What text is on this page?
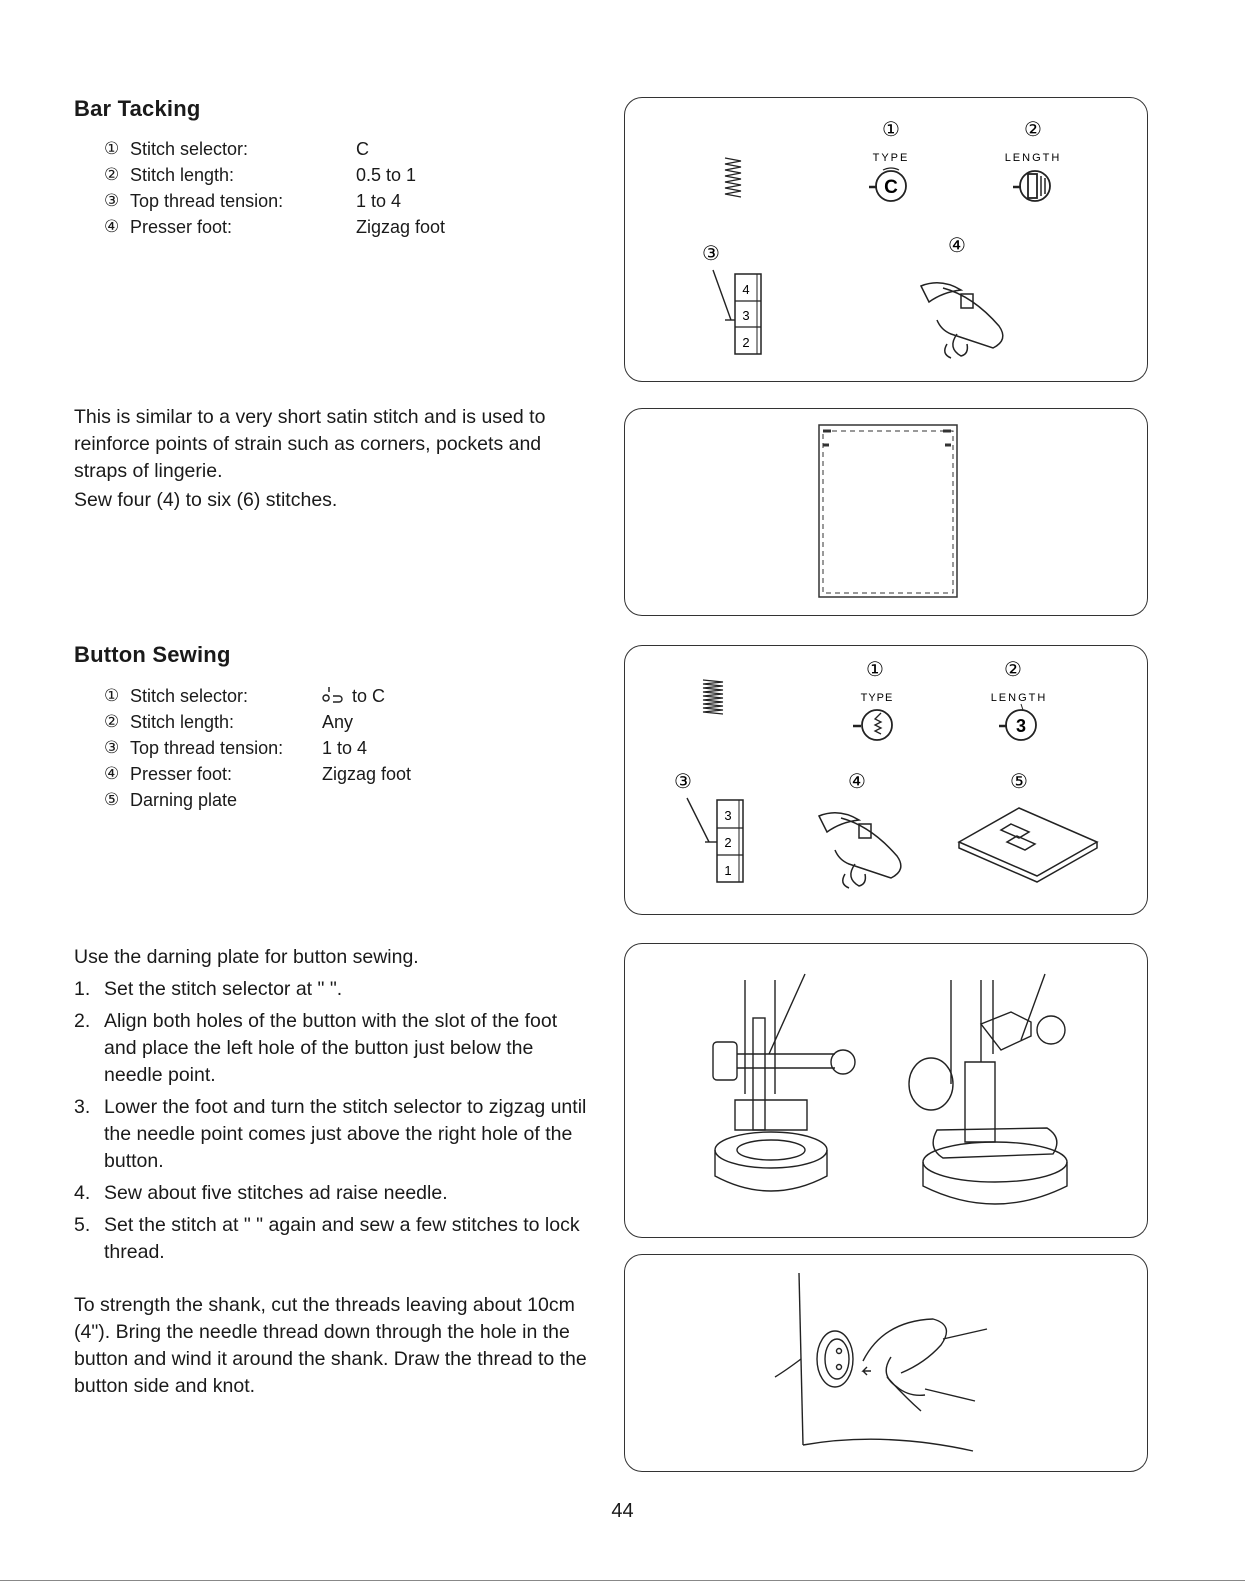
Bar Tacking
① Stitch selector:	C
② Stitch length:	0.5 to 1
③ Top thread tension:	1 to 4
④ Presser foot:	Zigzag foot

This is similar to a very short satin stitch and is used to reinforce points of strain such as corners, pockets and straps of lingerie.

Sew four (4) to six (6) stitches.

Button Sewing
① Stitch selector:	to C
② Stitch length:	Any
③ Top thread tension:	1 to 4
④ Presser foot:	Zigzag foot
⑤ Darning plate

Use the darning plate for button sewing.

1. Set the stitch selector at " ".
2. Align both holes of the button with the slot of the foot and place the left hole of the button just below the needle point.
3. Lower the foot and turn the stitch selector to zigzag until the needle point comes just above the right hole of the button.
4. Sew about five stitches ad raise needle.
5. Set the stitch at " " again and sew a few stitches to lock thread.

To strength the shank, cut the threads leaving about 10cm (4"). Bring the needle thread down through the hole in the button and wind it around the shank. Draw the thread to the button side and knot.

①	②
TYPE	LENGTH
C
③	④
4
3
2
①	②
TYPE	LENGTH
3
③	④	⑤
3
2
1
44
